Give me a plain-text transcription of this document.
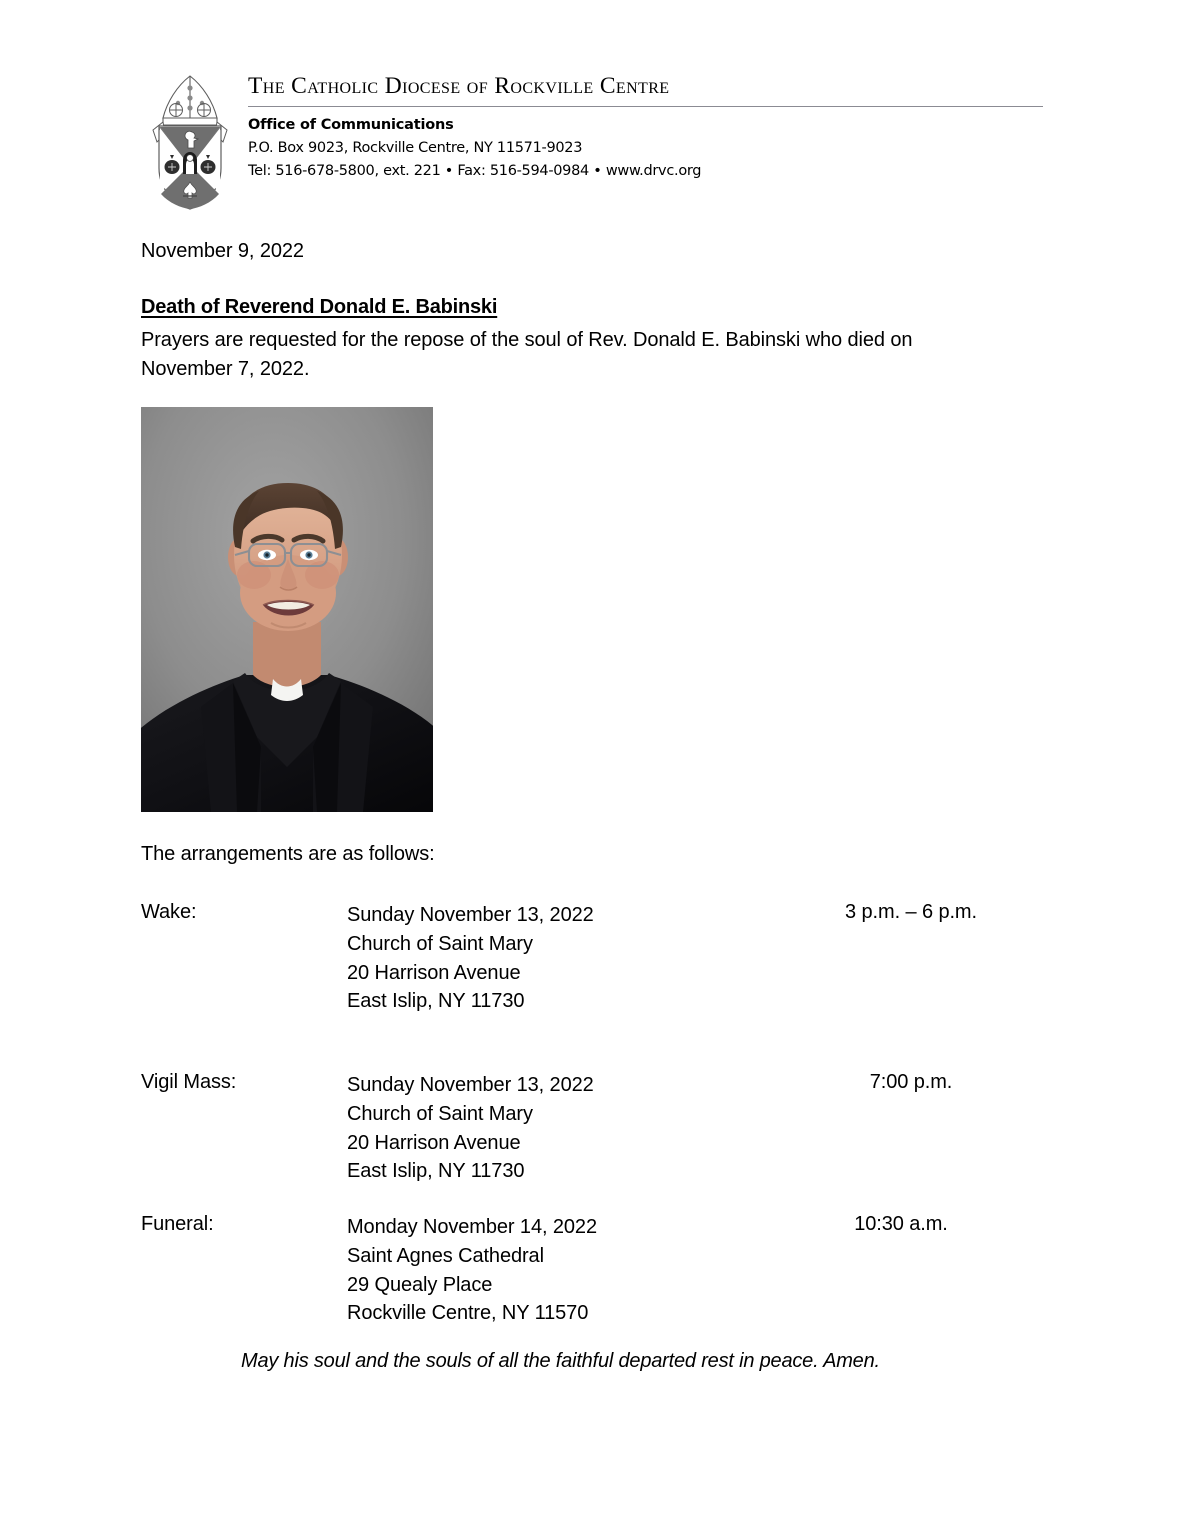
The Catholic Diocese of Rockville Centre
Office of Communications
P.O. Box 9023, Rockville Centre, NY 11571-9023
Tel: 516-678-5800, ext. 221 • Fax: 516-594-0984 • www.drvc.org
November 9, 2022
Death of Reverend Donald E. Babinski
Prayers are requested for the repose of the soul of Rev. Donald E. Babinski who died on November 7, 2022.
The arrangements are as follows:
Wake:	Sunday November 13, 2022
Church of Saint Mary
20 Harrison Avenue
East Islip, NY 11730
3 p.m. – 6 p.m.
Vigil Mass:	Sunday November 13, 2022
Church of Saint Mary
20 Harrison Avenue
East Islip, NY 11730
7:00 p.m.
Funeral:	Monday November 14, 2022
Saint Agnes Cathedral
29 Quealy Place
Rockville Centre, NY 11570
10:30 a.m.
May his soul and the souls of all the faithful departed rest in peace. Amen.
